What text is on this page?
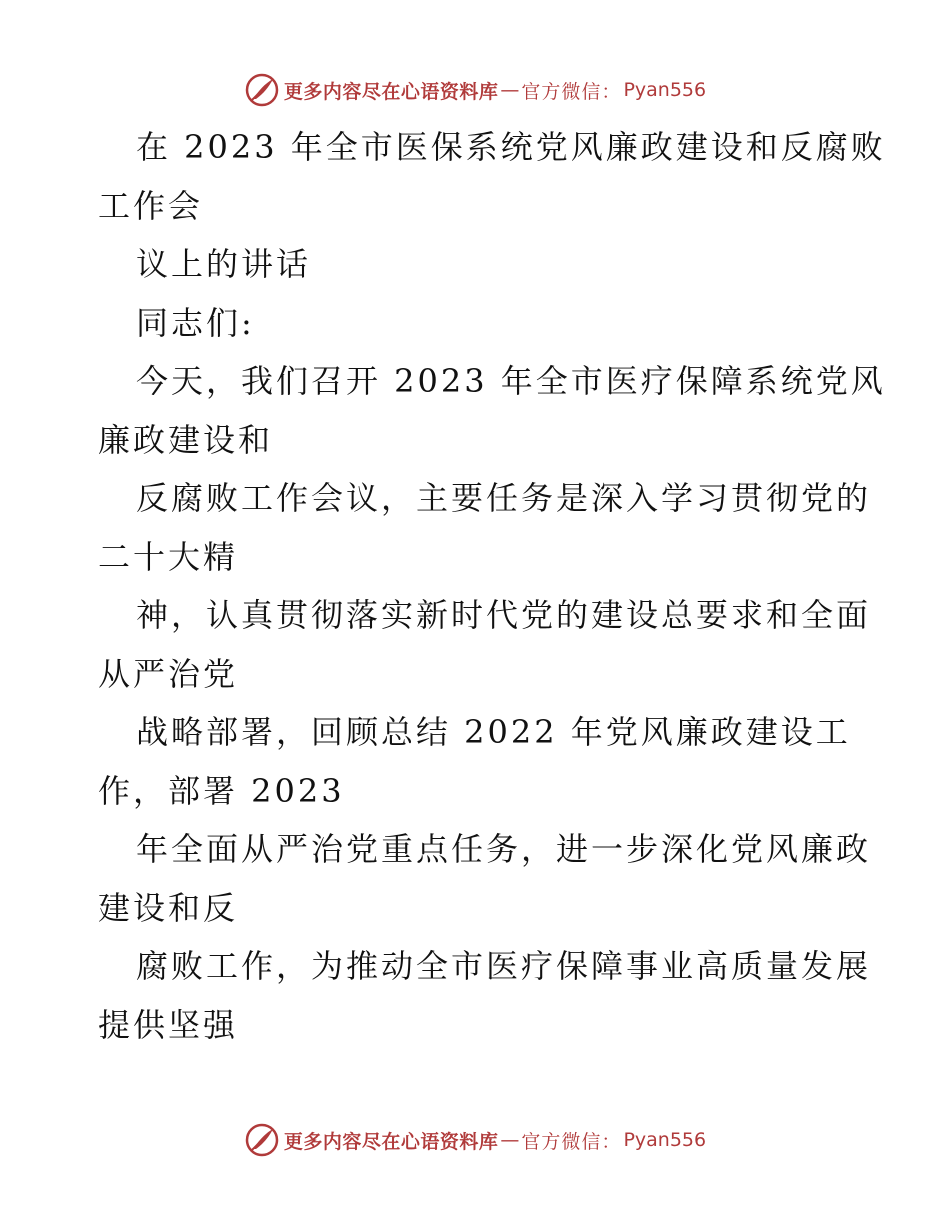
更多内容尽在心语资料库 — 官方微信： Pyan556
在 2023 年全市医保系统党风廉政建设和反腐败
工作会
议上的讲话
同志们:
今天，我们召开 2023 年全市医疗保障系统党风
廉政建设和
反腐败工作会议，主要任务是深入学习贯彻党的
二十大精
神，认真贯彻落实新时代党的建设总要求和全面
从严治党
战略部署，回顾总结 2022 年党风廉政建设工
作，部署 2023
年全面从严治党重点任务，进一步深化党风廉政
建设和反
腐败工作，为推动全市医疗保障事业高质量发展
提供坚强
更多内容尽在心语资料库 — 官方微信： Pyan556
